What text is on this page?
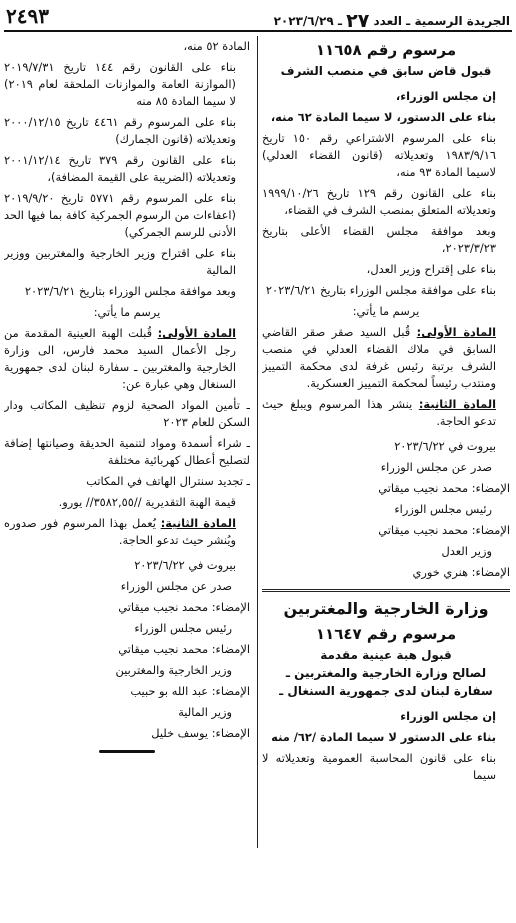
الجريدة الرسمية ـ العدد ٢٧ ـ ٢٠٢٣/٦/٢٩
٢٤٩٣
مرسوم رقم ١١٦٥٨
قبول قاض سابق في منصب الشرف

إن مجلس الوزراء،

بناء على الدستور، لا سيما المادة ٦٢ منه،

بناء على المرسوم الاشتراعي رقم ١٥٠ تاريخ ١٩٨٣/٩/١٦ وتعديلاته (قانون القضاء العدلي) لاسيما المادة ٩٣ منه،

بناء على القانون رقم ١٢٩ تاريخ ١٩٩٩/١٠/٢٦ وتعديلاته المتعلق بمنصب الشرف في القضاء،

وبعد موافقة مجلس القضاء الأعلى بتاريخ ٢٠٢٣/٣/٢٣،

بناء على إقتراح وزير العدل،

بناء على موافقة مجلس الوزراء بتاريخ ٢٠٢٣/٦/٢١

يرسم ما يأتي:

المادة الأولى: قُبل السيد صقر صقر القاضي السابق في ملاك القضاء العدلي في منصب الشرف برتبة رئيس غرفة لدى محكمة التمييز ومنتدب رئيساً لمحكمة التمييز العسكرية.

المادة الثانية: ينشر هذا المرسوم ويبلغ حيث تدعو الحاجة.

بيروت في ٢٠٢٣/٦/٢٢

صدر عن مجلس الوزراء

الإمضاء: محمد نجيب ميقاتي

رئيس مجلس الوزراء

الإمضاء: محمد نجيب ميقاتي

وزير العدل

الإمضاء: هنري خوري

وزارة الخارجية والمغتربين
مرسوم رقم ١١٦٤٧
قبول هبة عينية مقدمة
لصالح وزارة الخارجية والمغتربين ـ
سفارة لبنان لدى جمهورية السنغال ـ

إن مجلس الوزراء

بناء على الدستور لا سيما المادة /٦٢/ منه

بناء على قانون المحاسبة العمومية وتعديلاته لا سيما

المادة ٥٢ منه،

بناء على القانون رقم ١٤٤ تاريخ ٢٠١٩/٧/٣١ (الموازنة العامة والموازنات الملحقة لعام ٢٠١٩) لا سيما المادة ٨٥ منه

بناء على المرسوم رقم ٤٤٦١ تاريخ ٢٠٠٠/١٢/١٥ وتعديلاته (قانون الجمارك)

بناء على القانون رقم ٣٧٩ تاريخ ٢٠٠١/١٢/١٤ وتعديلاته (الضريبة على القيمة المضافة)،

بناء على المرسوم رقم ٥٧٧١ تاريخ ٢٠١٩/٩/٢٠ (اعفاءات من الرسوم الجمركية كافة بما فيها الحد الأدنى للرسم الجمركي)

بناء على اقتراح وزير الخارجية والمغتربين ووزير المالية

وبعد موافقة مجلس الوزراء بتاريخ ٢٠٢٣/٦/٢١

يرسم ما يأتي:

المادة الأولى: قُبلت الهبة العينية المقدمة من رجل الأعمال السيد محمد فارس، الى وزارة الخارجية والمغتربين ـ سفارة لبنان لدى جمهورية السنغال وهي عبارة عن:

ـ تأمين المواد الصحية لزوم تنظيف المكاتب ودار السكن للعام ٢٠٢٣

ـ شراء أسمدة ومواد لتنمية الحديقة وصيانتها إضافة لتصليح أعطال كهربائية مختلفة

ـ تجديد سنترال الهاتف في المكاتب

قيمة الهبة التقديرية //٣٥٨٢,٥٥// يورو.

المادة الثانية: يُعمل بهذا المرسوم فور صدوره ويُنشر حيث تدعو الحاجة.

بيروت في ٢٠٢٣/٦/٢٢

صدر عن مجلس الوزراء

الإمضاء: محمد نجيب ميقاتي

رئيس مجلس الوزراء

الإمضاء: محمد نجيب ميقاتي

وزير الخارجية والمغتربين

الإمضاء: عبد الله بو حبيب

وزير المالية

الإمضاء: يوسف خليل
